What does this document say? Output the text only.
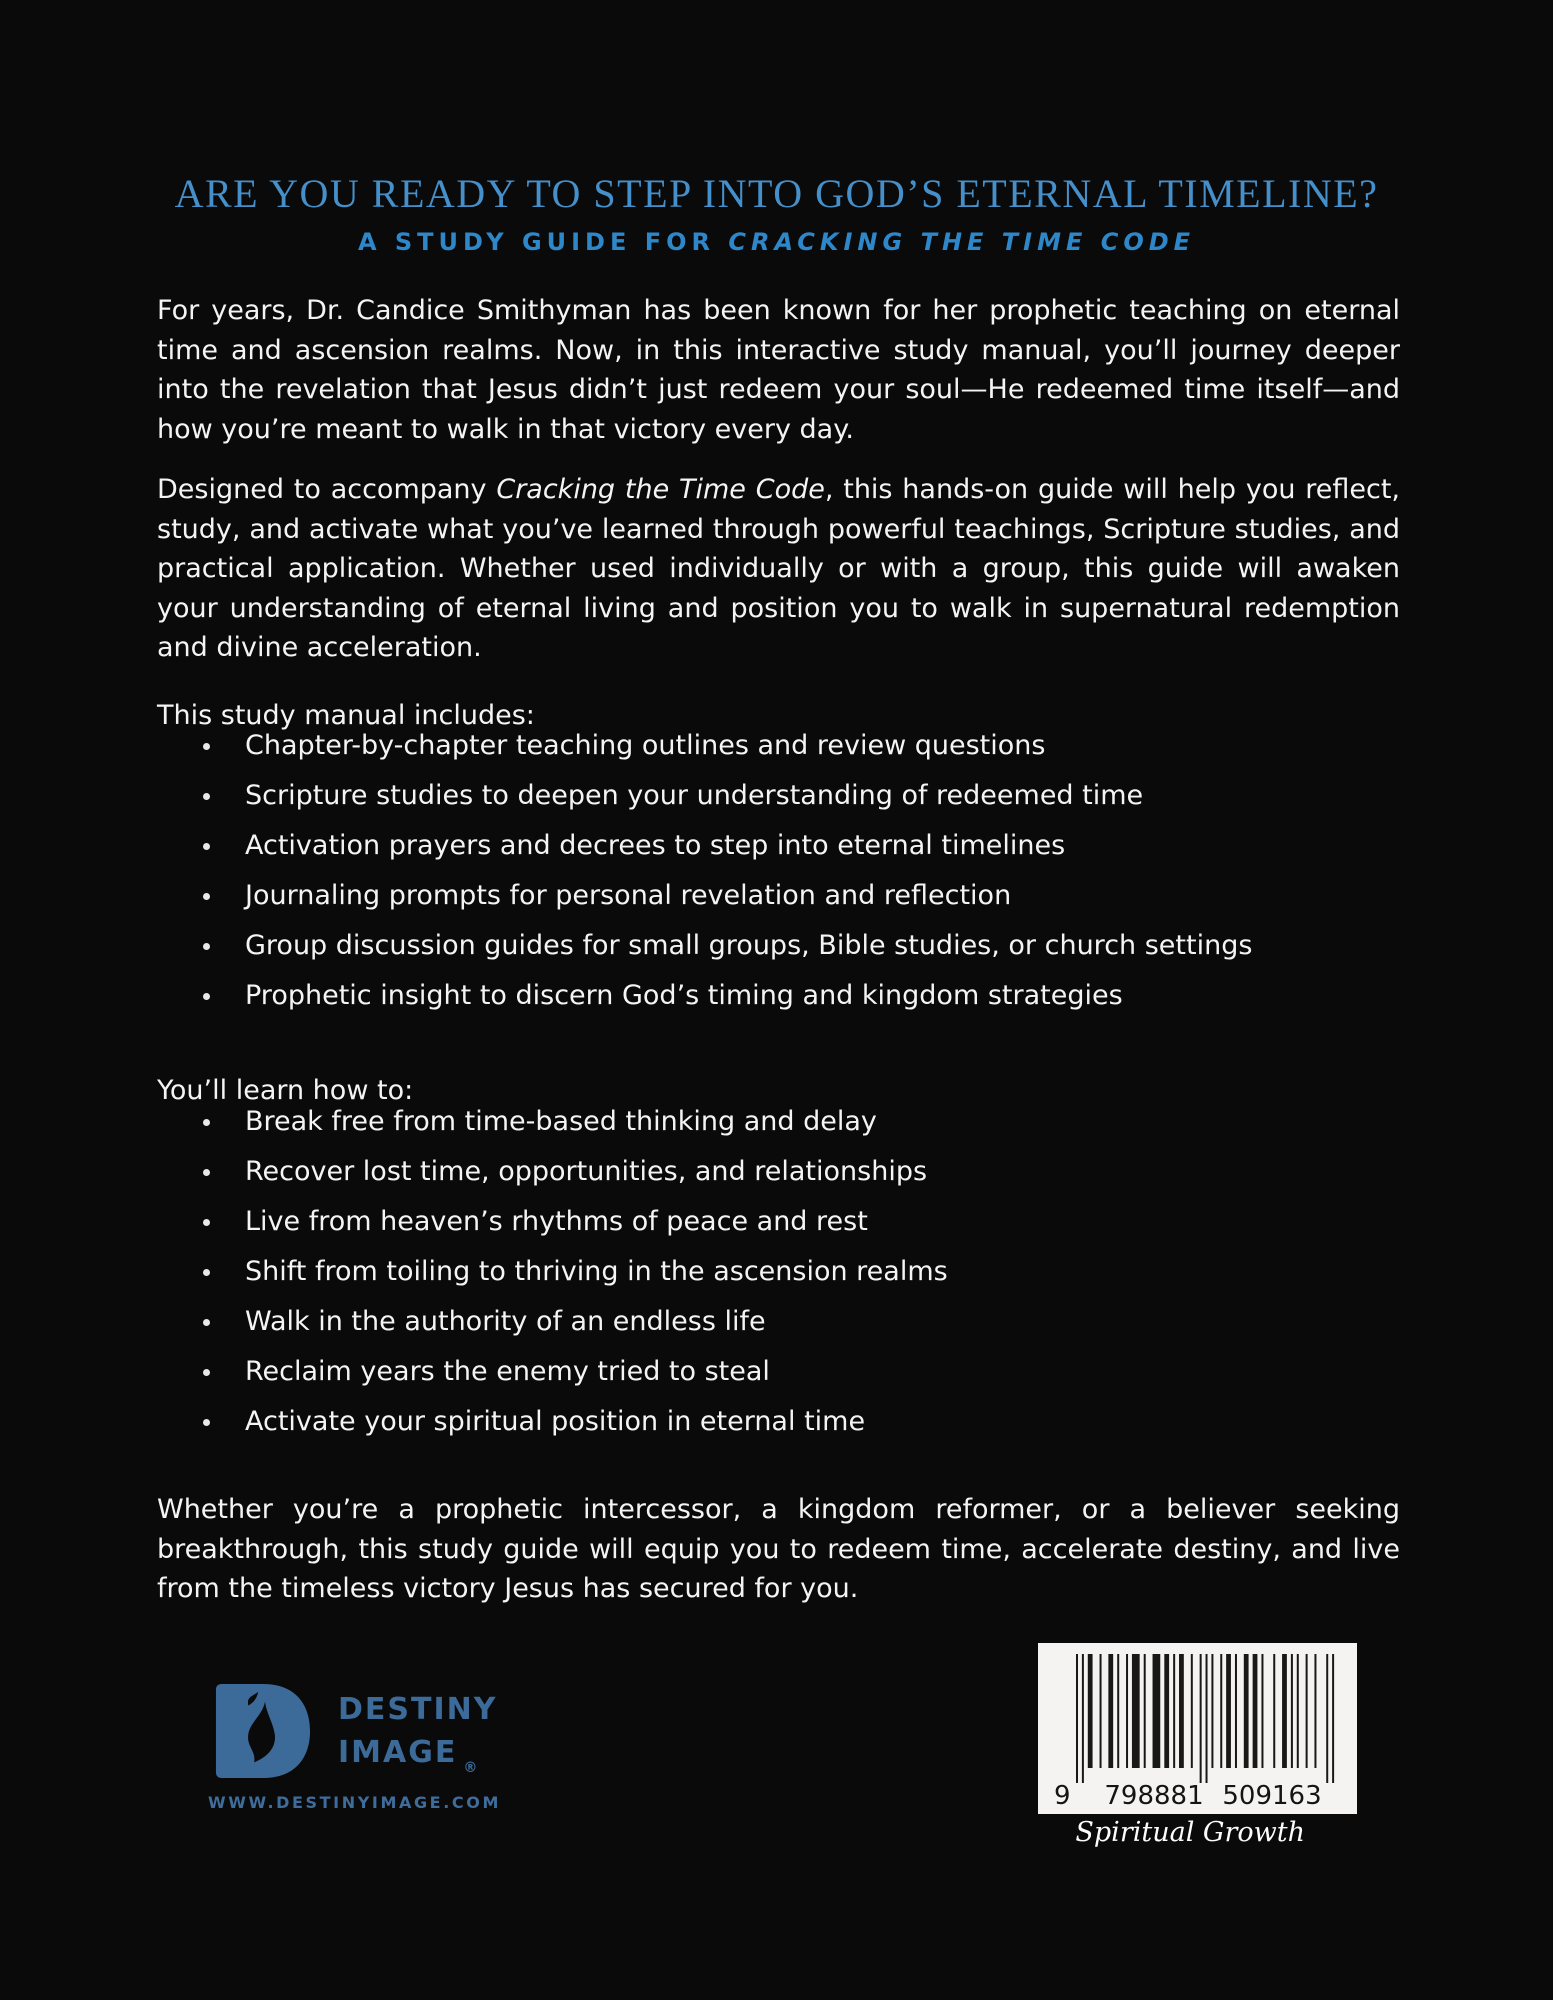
ARE YOU READY TO STEP INTO GOD’S ETERNAL TIMELINE?
A STUDY GUIDE FOR CRACKING THE TIME CODE

For years, Dr. Candice Smithyman has been known for her prophetic teaching on eternal time and ascension realms. Now, in this interactive study manual, you’ll journey deeper into the revelation that Jesus didn’t just redeem your soul—He redeemed time itself—and how you’re meant to walk in that victory every day.

Designed to accompany Cracking the Time Code, this hands-on guide will help you reflect, study, and activate what you’ve learned through powerful teachings, Scripture studies, and practical application. Whether used individually or with a group, this guide will awaken your understanding of eternal living and position you to walk in supernatural redemption and divine acceleration.

This study manual includes:

Chapter-by-chapter teaching outlines and review questions
Scripture studies to deepen your understanding of redeemed time
Activation prayers and decrees to step into eternal timelines
Journaling prompts for personal revelation and reflection
Group discussion guides for small groups, Bible studies, or church settings
Prophetic insight to discern God’s timing and kingdom strategies

You’ll learn how to:

Break free from time-based thinking and delay
Recover lost time, opportunities, and relationships
Live from heaven’s rhythms of peace and rest
Shift from toiling to thriving in the ascension realms
Walk in the authority of an endless life
Reclaim years the enemy tried to steal
Activate your spiritual position in eternal time

Whether you’re a prophetic intercessor, a kingdom reformer, or a believer seeking breakthrough, this study guide will equip you to redeem time, accelerate destiny, and live from the timeless victory Jesus has secured for you.

DESTINY
IMAGE $_®$
WWW.DESTINYIMAGE.COM	9 798881 509163
Spiritual Growth
